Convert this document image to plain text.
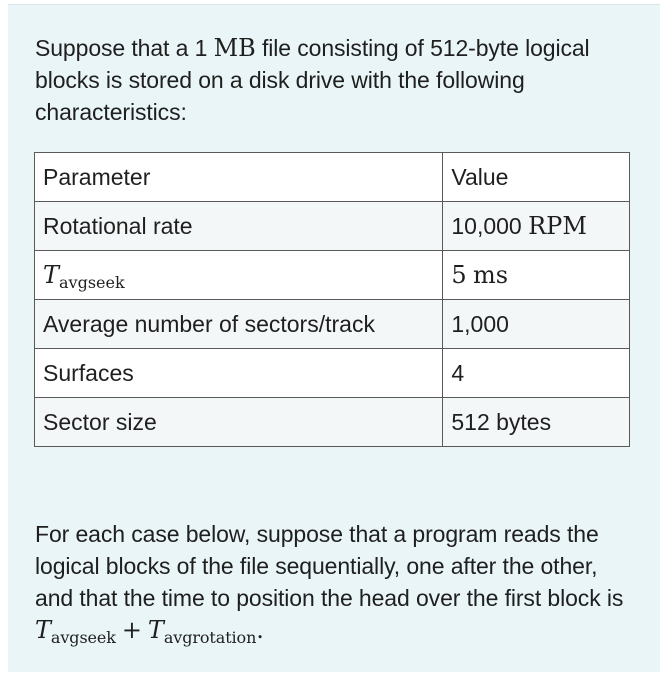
Suppose that a 1 MB file consisting of 512-byte logical blocks is stored on a disk drive with the following characteristics:

Parameter	Value
Rotational rate	10,000 RPM
$T_{avgseek}$	5 ms
Average number of sectors/track	1,000
Surfaces	4
Sector size	512 bytes

For each case below, suppose that a program reads the logical blocks of the file sequentially, one after the other, and that the time to position the head over the first block is $T_{avgseek} + T_{avgrotation}$.
